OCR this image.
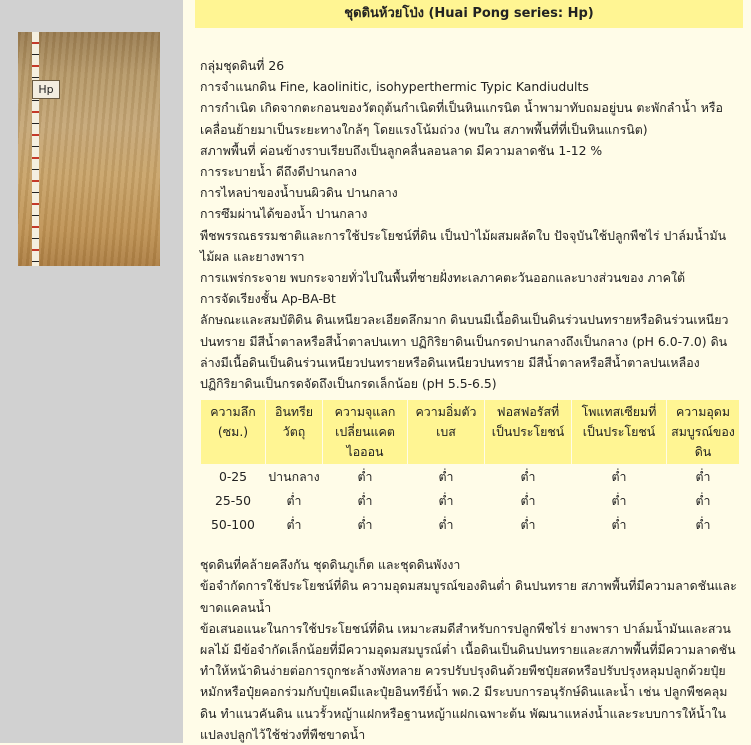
Hp
ชุดดินห้วยโป่ง (Huai Pong series: Hp)

กลุ่มชุดดินที่ 26

การจำแนกดิน Fine, kaolinitic, isohyperthermic Typic Kandiudults

การกำเนิด เกิดจากตะกอนของวัตถุต้นกำเนิดที่เป็นหินแกรนิต น้ำพามาทับถมอยู่บน ตะพักลำน้ำ หรือเคลื่อนย้ายมาเป็นระยะทางใกล้ๆ โดยแรงโน้มถ่วง (พบใน สภาพพื้นที่ที่เป็นหินแกรนิต)

สภาพพื้นที่ ค่อนข้างราบเรียบถึงเป็นลูกคลื่นลอนลาด มีความลาดชัน 1-12 %

การระบายน้ำ ดีถึงดีปานกลาง

การไหลบ่าของน้ำบนผิวดิน ปานกลาง

การซึมผ่านได้ของน้ำ ปานกลาง

พืชพรรณธรรมชาติและการใช้ประโยชน์ที่ดิน เป็นป่าไม้ผสมผลัดใบ ปัจจุบันใช้ปลูกพืชไร่ ปาล์มน้ำมัน ไม้ผล และยางพารา

การแพร่กระจาย พบกระจายทั่วไปในพื้นที่ชายฝั่งทะเลภาคตะวันออกและบางส่วนของ ภาคใต้

การจัดเรียงชั้น Ap-BA-Bt

ลักษณะและสมบัติดิน ดินเหนียวละเอียดลึกมาก ดินบนมีเนื้อดินเป็นดินร่วนปนทรายหรือดินร่วนเหนียวปนทราย มีสีน้ำตาลหรือสีน้ำตาลปนเทา ปฏิกิริยาดินเป็นกรดปานกลางถึงเป็นกลาง (pH 6.0-7.0) ดินล่างมีเนื้อดินเป็นดินร่วนเหนียวปนทรายหรือดินเหนียวปนทราย มีสีน้ำตาลหรือสีน้ำตาลปนเหลือง ปฏิกิริยาดินเป็นกรดจัดถึงเป็นกรดเล็กน้อย (pH 5.5-6.5)

ความลึก (ซม.)	อินทรียวัตถุ	ความจุแลกเปลี่ยนแคตไอออน	ความอิ่มตัวเบส	ฟอสฟอรัสที่เป็นประโยชน์	โพแทสเซียมที่เป็นประโยชน์	ความอุดมสมบูรณ์ของดิน
0-25	ปานกลาง	ต่ำ	ต่ำ	ต่ำ	ต่ำ	ต่ำ
25-50	ต่ำ	ต่ำ	ต่ำ	ต่ำ	ต่ำ	ต่ำ
50-100	ต่ำ	ต่ำ	ต่ำ	ต่ำ	ต่ำ	ต่ำ

ชุดดินที่คล้ายคลึงกัน ชุดดินภูเก็ต และชุดดินพังงา

ข้อจำกัดการใช้ประโยชน์ที่ดิน ความอุดมสมบูรณ์ของดินต่ำ ดินปนทราย สภาพพื้นที่มีความลาดชันและขาดแคลนน้ำ

ข้อเสนอแนะในการใช้ประโยชน์ที่ดิน เหมาะสมดีสำหรับการปลูกพืชไร่ ยางพารา ปาล์มน้ำมันและสวนผลไม้ มีข้อจำกัดเล็กน้อยที่มีความอุดมสมบูรณ์ต่ำ เนื้อดินเป็นดินปนทรายและสภาพพื้นที่มีความลาดชัน ทำให้หน้าดินง่ายต่อการถูกชะล้างพังทลาย ควรปรับปรุงดินด้วยพืชปุ๋ยสดหรือปรับปรุงหลุมปลูกด้วยปุ๋ยหมักหรือปุ๋ยคอกร่วมกับปุ๋ยเคมีและปุ๋ยอินทรีย์น้ำ พด.2 มีระบบการอนุรักษ์ดินและน้ำ เช่น ปลูกพืชคลุมดิน ทำแนวคันดิน แนวรั้วหญ้าแฝกหรือฐานหญ้าแฝกเฉพาะต้น พัฒนาแหล่งน้ำและระบบการให้น้ำในแปลงปลูกไว้ใช้ช่วงที่พืชขาดน้ำ
